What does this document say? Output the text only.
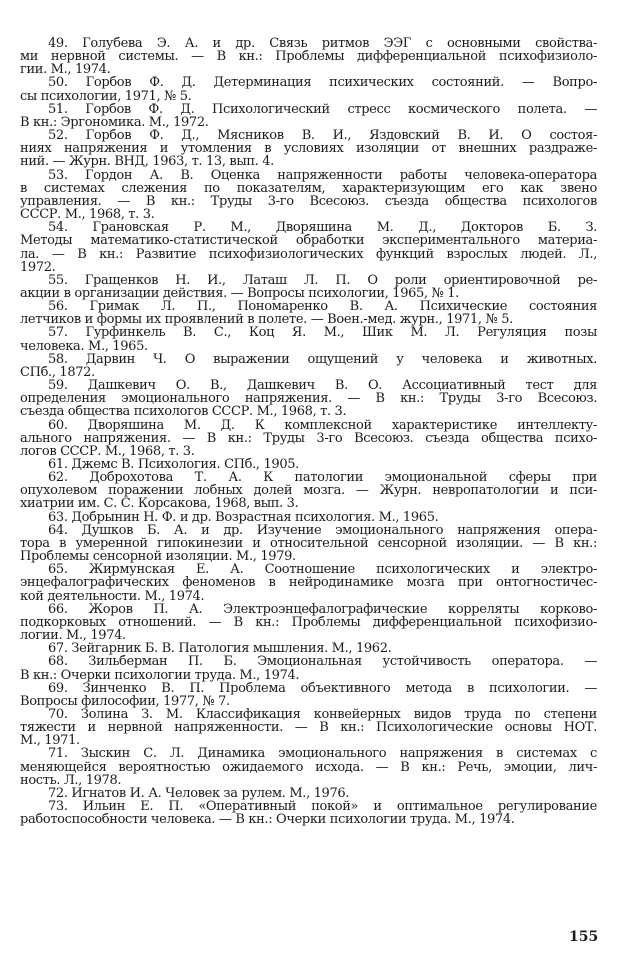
49. Голубева Э. А. и др. Связь ритмов ЭЭГ с основными свойства-
ми нервной системы. — В кн.: Проблемы дифференциальной психофизиоло-
гии. М., 1974.
50. Горбов Ф. Д. Детерминация психических состояний. — Вопро-
сы психологии, 1971, № 5.
51. Горбов Ф. Д. Психологический стресс космического полета. —
В кн.: Эргономика. М., 1972.
52. Горбов Ф. Д., Мясников В. И., Яздовский В. И. О состоя-
ниях напряжения и утомления в условиях изоляции от внешних раздраже-
ний. — Журн. ВНД, 1963, т. 13, вып. 4.
53. Гордон А. В. Оценка напряженности работы человека-оператора
в системах слежения по показателям, характеризующим его как звено
управления. — В кн.: Труды 3-го Всесоюз. съезда общества психологов
СССР. М., 1968, т. 3.
54. Грановская Р. М., Дворяшина М. Д., Докторов Б. З.
Методы математико-статистической обработки экспериментального материа-
ла. — В кн.: Развитие психофизиологических функций взрослых людей. Л.,
1972.
55. Гращенков Н. И., Латаш Л. П. О роли ориентировочной ре-
акции в организации действия. — Вопросы психологии, 1965, № 1.
56. Гримак Л. П., Пономаренко В. А. Психические состояния
летчиков и формы их проявлений в полете. — Воен.-мед. журн., 1971, № 5.
57. Гурфинкель В. С., Коц Я. М., Шик М. Л. Регуляция позы
человека. М., 1965.
58. Дарвин Ч. О выражении ощущений у человека и животных.
СПб., 1872.
59. Дашкевич О. В., Дашкевич В. О. Ассоциативный тест для
определения эмоционального напряжения. — В кн.: Труды 3-го Всесоюз.
съезда общества психологов СССР. М., 1968, т. 3.
60. Дворяшина М. Д. К комплексной характеристике интеллекту-
ального напряжения. — В кн.: Труды 3-го Всесоюз. съезда общества психо-
логов СССР. М., 1968, т. 3.
61. Джемс В. Психология. СПб., 1905.
62. Доброхотова Т. А. К патологии эмоциональной сферы при
опухолевом поражении лобных долей мозга. — Журн. невропатологии и пси-
хиатрии им. С. С. Корсакова, 1968, вып. 3.
63. Добрынин Н. Ф. и др. Возрастная психология. М., 1965.
64. Душков Б. А. и др. Изучение эмоционального напряжения опера-
тора в умеренной гипокинезии и относительной сенсорной изоляции. — В кн.:
Проблемы сенсорной изоляции. М., 1979.
65. Жирмунская Е. А. Соотношение психологических и электро-
энцефалографических феноменов в нейродинамике мозга при онтогностичес-
кой деятельности. М., 1974.
66. Жоров П. А. Электроэнцефалографические корреляты корково-
подкорковых отношений. — В кн.: Проблемы дифференциальной психофизио-
логии. М., 1974.
67. Зейгарник Б. В. Патология мышления. М., 1962.
68. Зильберман П. Б. Эмоциональная устойчивость оператора. —
В кн.: Очерки психологии труда. М., 1974.
69. Зинченко В. П. Проблема объективного метода в психологии. —
Вопросы философии, 1977, № 7.
70. Золина З. М. Классификация конвейерных видов труда по степени
тяжести и нервной напряженности. — В кн.: Психологические основы НОТ.
М., 1971.
71. Зыскин С. Л. Динамика эмоционального напряжения в системах с
меняющейся вероятностью ожидаемого исхода. — В кн.: Речь, эмоции, лич-
ность. Л., 1978.
72. Игнатов И. А. Человек за рулем. М., 1976.
73. Ильин Е. П. «Оперативный покой» и оптимальное регулирование
работоспособности человека. — В кн.: Очерки психологии труда. М., 1974.
155
